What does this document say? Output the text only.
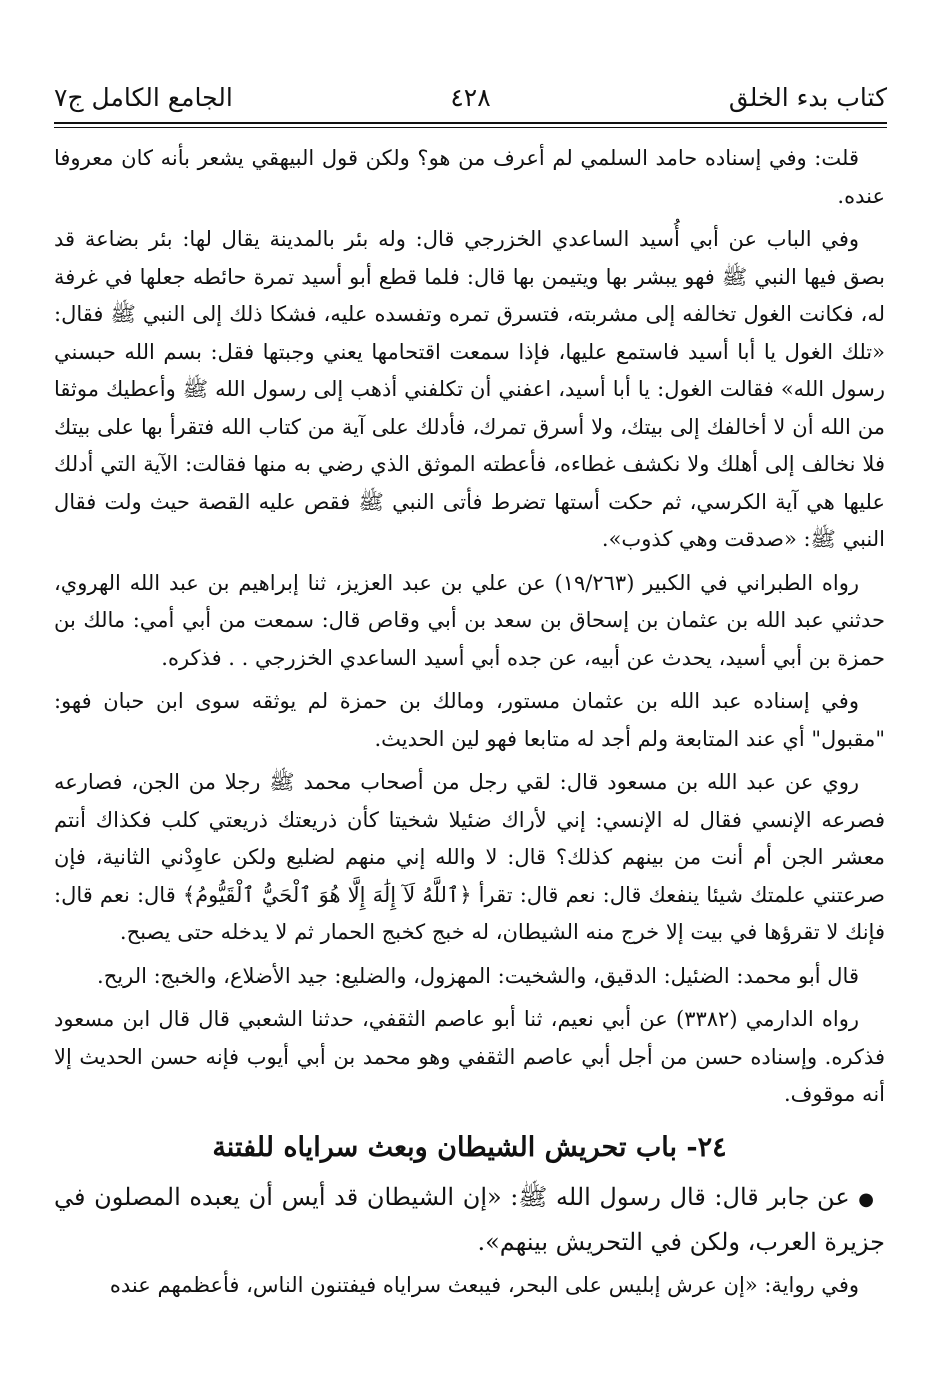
كتاب بدء الخلق
٤٢٨
الجامع الكامل ج٧

قلت: وفي إسناده حامد السلمي لم أعرف من هو؟ ولكن قول البيهقي يشعر بأنه كان معروفا عنده.

وفي الباب عن أبي أُسيد الساعدي الخزرجي قال: وله بئر بالمدينة يقال لها: بئر بضاعة قد بصق فيها النبي ﷺ فهو يبشر بها ويتيمن بها قال: فلما قطع أبو أسيد تمرة حائطه جعلها في غرفة له، فكانت الغول تخالفه إلى مشربته، فتسرق تمره وتفسده عليه، فشكا ذلك إلى النبي ﷺ فقال: «تلك الغول يا أبا أسيد فاستمع عليها، فإذا سمعت اقتحامها يعني وجبتها فقل: بسم الله حبسني رسول الله» فقالت الغول: يا أبا أسيد، اعفني أن تكلفني أذهب إلى رسول الله ﷺ وأعطيك موثقا من الله أن لا أخالفك إلى بيتك، ولا أسرق تمرك، فأدلك على آية من كتاب الله فتقرأ بها على بيتك فلا نخالف إلى أهلك ولا نكشف غطاءه، فأعطته الموثق الذي رضي به منها فقالت: الآية التي أدلك عليها هي آية الكرسي، ثم حكت أستها تضرط فأتى النبي ﷺ فقص عليه القصة حيث ولت فقال النبي ﷺ: «صدقت وهي كذوب».

رواه الطبراني في الكبير (١٩/٢٦٣) عن علي بن عبد العزيز، ثنا إبراهيم بن عبد الله الهروي، حدثني عبد الله بن عثمان بن إسحاق بن سعد بن أبي وقاص قال: سمعت من أبي أمي: مالك بن حمزة بن أبي أسيد، يحدث عن أبيه، عن جده أبي أسيد الساعدي الخزرجي . . فذكره.

وفي إسناده عبد الله بن عثمان مستور، ومالك بن حمزة لم يوثقه سوى ابن حبان فهو: "مقبول" أي عند المتابعة ولم أجد له متابعا فهو لين الحديث.

روي عن عبد الله بن مسعود قال: لقي رجل من أصحاب محمد ﷺ رجلا من الجن، فصارعه فصرعه الإنسي فقال له الإنسي: إني لأراك ضئيلا شخيتا كأن ذريعتك ذريعتي كلب فكذاك أنتم معشر الجن أم أنت من بينهم كذلك؟ قال: لا والله إني منهم لضليع ولكن عاوِدْني الثانية، فإن صرعتني علمتك شيئا ينفعك قال: نعم قال: تقرأ ﴿ٱللَّهُ لَآ إِلَٰهَ إِلَّا هُوَ ٱلْحَيُّ ٱلْقَيُّومُ﴾ قال: نعم قال: فإنك لا تقرؤها في بيت إلا خرج منه الشيطان، له خبج كخبج الحمار ثم لا يدخله حتى يصبح.

قال أبو محمد: الضئيل: الدقيق، والشخيت: المهزول، والضليع: جيد الأضلاع، والخبج: الريح.

رواه الدارمي (٣٣٨٢) عن أبي نعيم، ثنا أبو عاصم الثقفي، حدثنا الشعبي قال قال ابن مسعود فذكره. وإسناده حسن من أجل أبي عاصم الثقفي وهو محمد بن أبي أيوب فإنه حسن الحديث إلا أنه موقوف.

٢٤- باب تحريش الشيطان وبعث سراياه للفتنة

● عن جابر قال: قال رسول الله ﷺ: «إن الشيطان قد أيس أن يعبده المصلون في جزيرة العرب، ولكن في التحريش بينهم».

وفي رواية: «إن عرش إبليس على البحر، فيبعث سراياه فيفتنون الناس، فأعظمهم عنده
